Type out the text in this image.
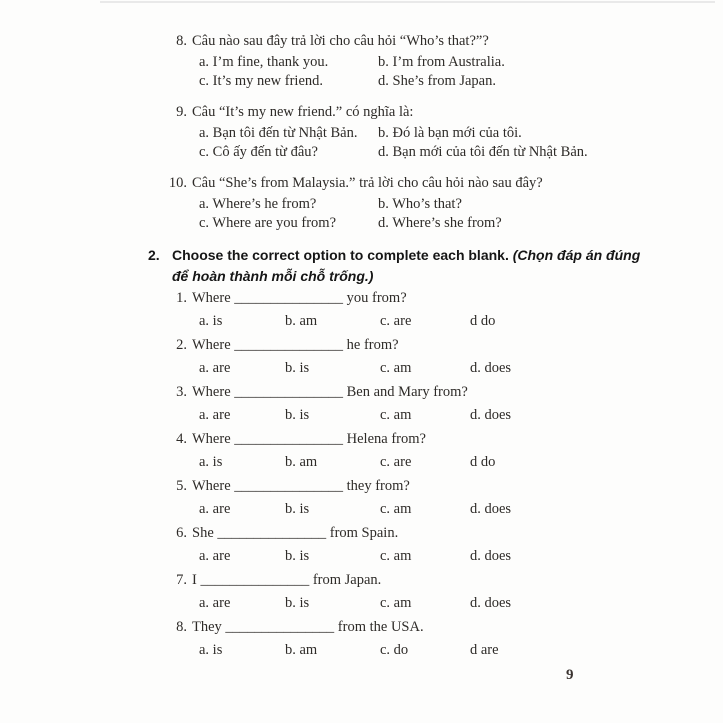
8. Câu nào sau đây trả lời cho câu hỏi “Who’s that?”?
a. I’m fine, thank you.	b. I’m from Australia.
c. It’s my new friend.	d. She’s from Japan.
9. Câu “It’s my new friend.” có nghĩa là:
a. Bạn tôi đến từ Nhật Bản.	b. Đó là bạn mới của tôi.
c. Cô ấy đến từ đâu?	d. Bạn mới của tôi đến từ Nhật Bản.
10. Câu “She’s from Malaysia.” trả lời cho câu hỏi nào sau đây?
a. Where’s he from?	b. Who’s that?
c. Where are you from?	d. Where’s she from?
2. Choose the correct option to complete each blank. (Chọn đáp án đúng
để hoàn thành mỗi chỗ trống.)
1. Where _______________ you from?
a. is	b. am	c. are	d do
2. Where _______________ he from?
a. are	b. is	c. am	d. does
3. Where _______________ Ben and Mary from?
a. are	b. is	c. am	d. does
4. Where _______________ Helena from?
a. is	b. am	c. are	d do
5. Where _______________ they from?
a. are	b. is	c. am	d. does
6. She _______________ from Spain.
a. are	b. is	c. am	d. does
7. I _______________ from Japan.
a. are	b. is	c. am	d. does
8. They _______________ from the USA.
a. is	b. am	c. do	d are
9
